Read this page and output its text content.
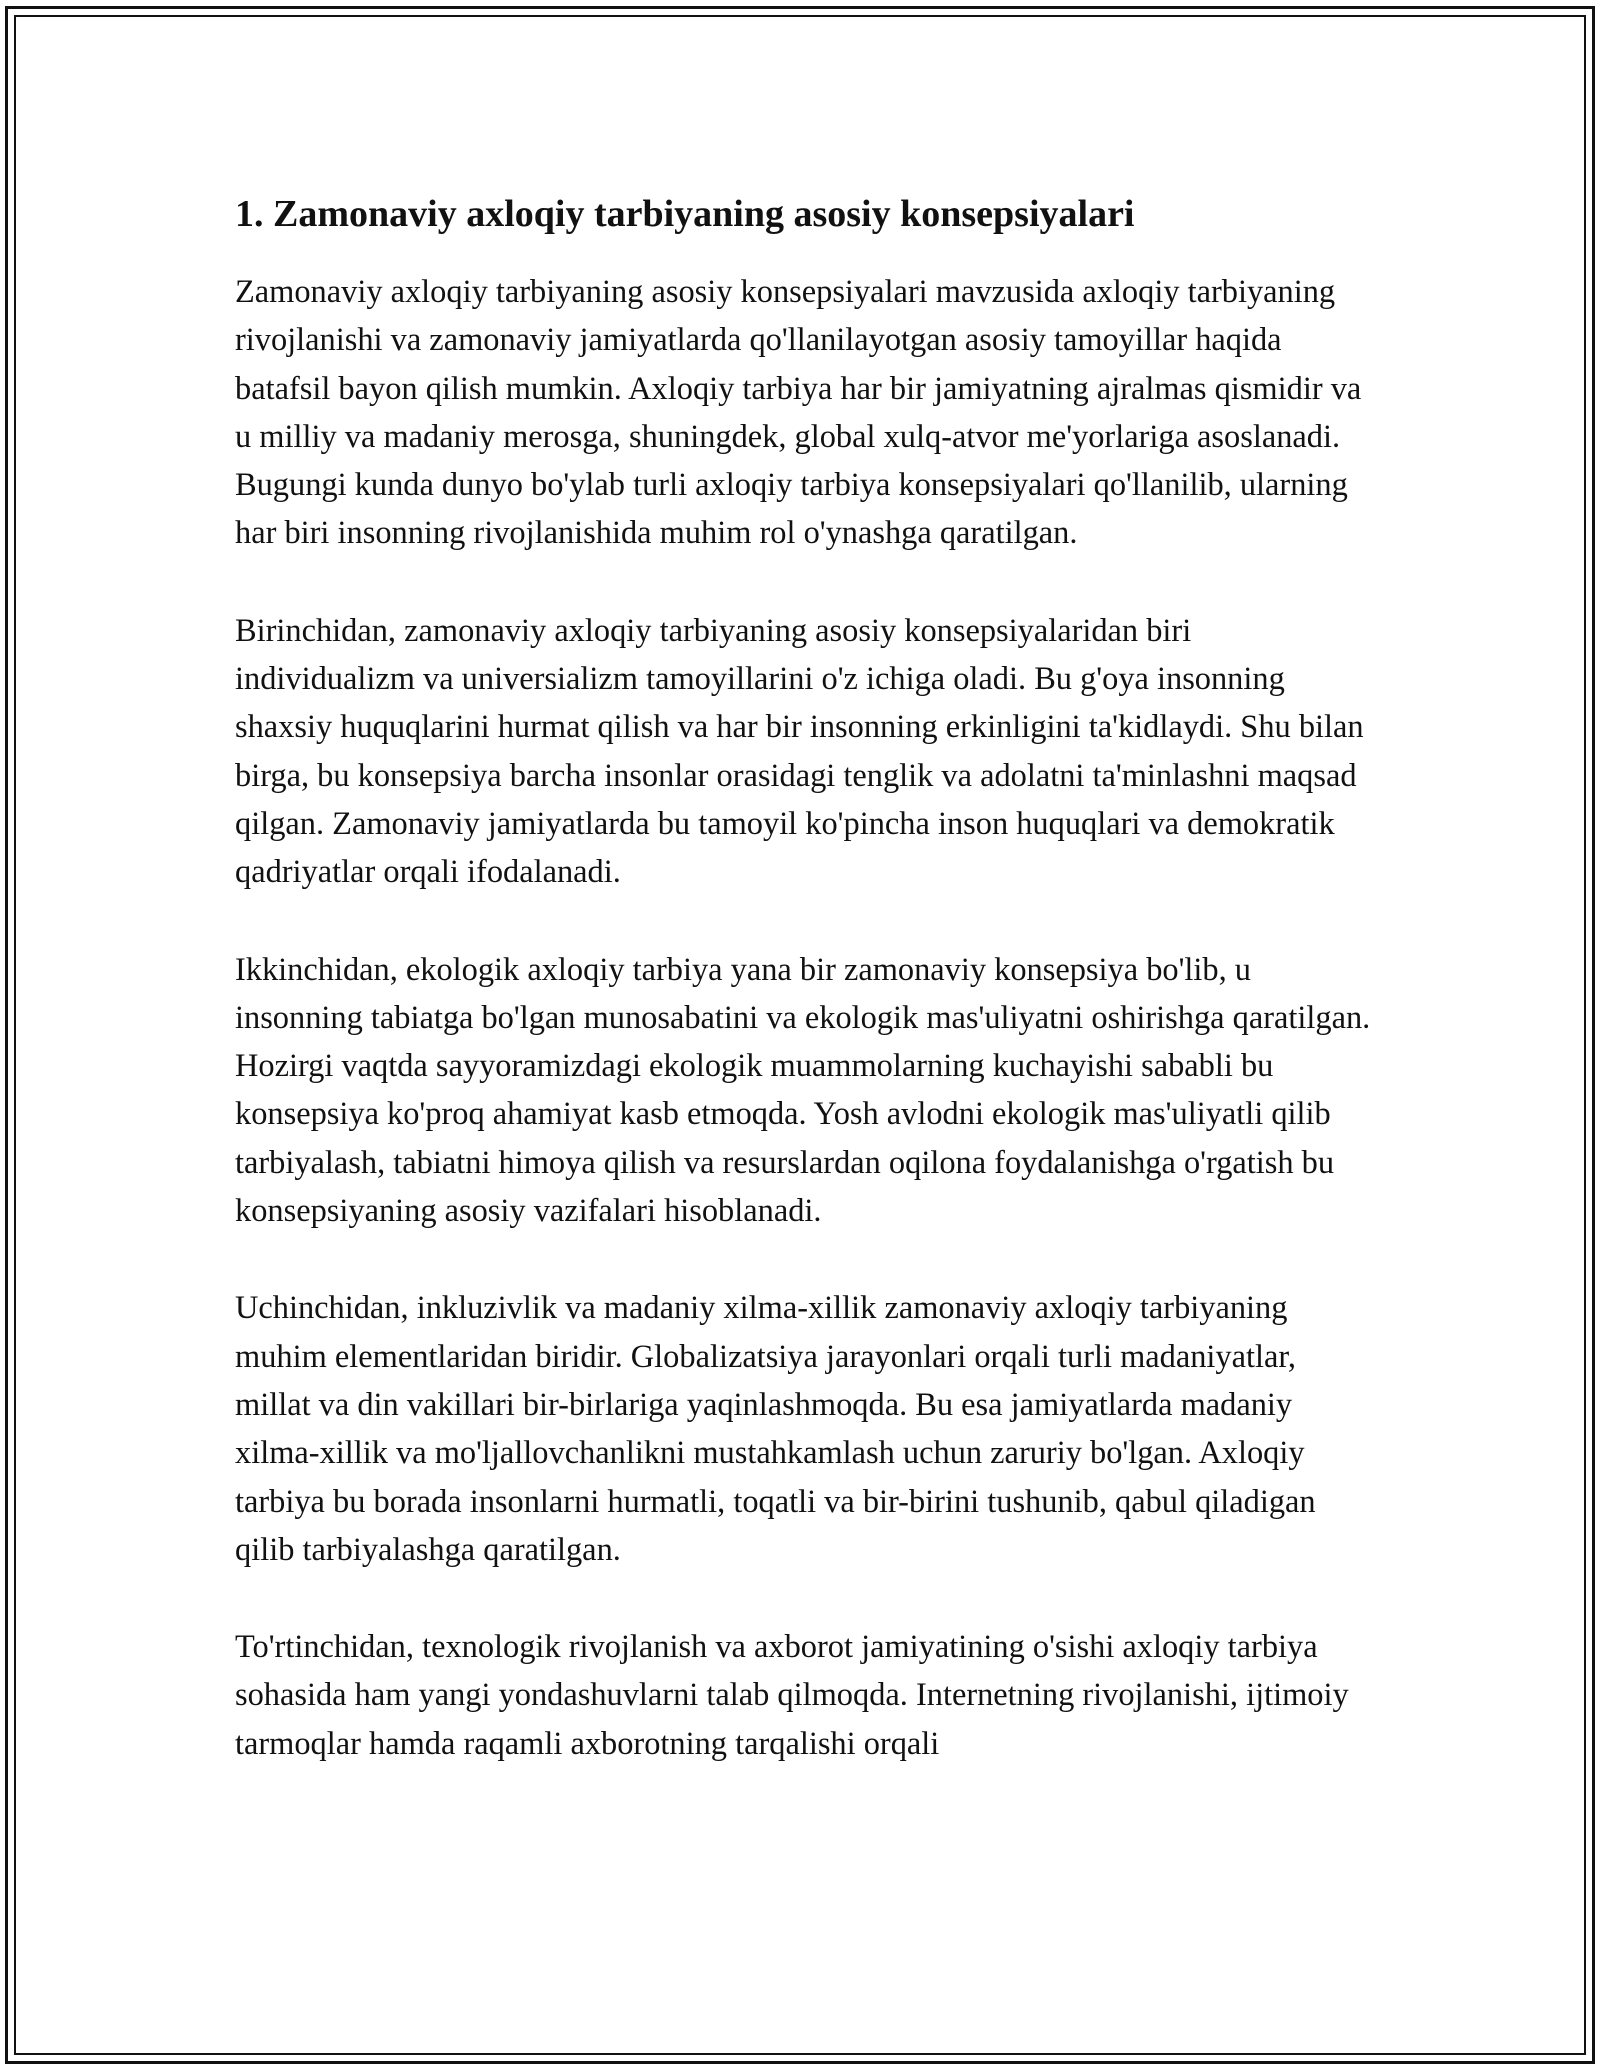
1. Zamonaviy axloqiy tarbiyaning asosiy konsepsiyalari

Zamonaviy axloqiy tarbiyaning asosiy konsepsiyalari mavzusida axloqiy tarbiyaning rivojlanishi va zamonaviy jamiyatlarda qo'llanilayotgan asosiy tamoyillar haqida batafsil bayon qilish mumkin. Axloqiy tarbiya har bir jamiyatning ajralmas qismidir va u milliy va madaniy merosga, shuningdek, global xulq-atvor me'yorlariga asoslanadi. Bugungi kunda dunyo bo'ylab turli axloqiy tarbiya konsepsiyalari qo'llanilib, ularning har biri insonning rivojlanishida muhim rol o'ynashga qaratilgan.

Birinchidan, zamonaviy axloqiy tarbiyaning asosiy konsepsiyalaridan biri individualizm va universializm tamoyillarini o'z ichiga oladi. Bu g'oya insonning shaxsiy huquqlarini hurmat qilish va har bir insonning erkinligini ta'kidlaydi. Shu bilan birga, bu konsepsiya barcha insonlar orasidagi tenglik va adolatni ta'minlashni maqsad qilgan. Zamonaviy jamiyatlarda bu tamoyil ko'pincha inson huquqlari va demokratik qadriyatlar orqali ifodalanadi.

Ikkinchidan, ekologik axloqiy tarbiya yana bir zamonaviy konsepsiya bo'lib, u insonning tabiatga bo'lgan munosabatini va ekologik mas'uliyatni oshirishga qaratilgan. Hozirgi vaqtda sayyoramizdagi ekologik muammolarning kuchayishi sababli bu konsepsiya ko'proq ahamiyat kasb etmoqda. Yosh avlodni ekologik mas'uliyatli qilib tarbiyalash, tabiatni himoya qilish va resurslardan oqilona foydalanishga o'rgatish bu konsepsiyaning asosiy vazifalari hisoblanadi.

Uchinchidan, inkluzivlik va madaniy xilma-xillik zamonaviy axloqiy tarbiyaning muhim elementlaridan biridir. Globalizatsiya jarayonlari orqali turli madaniyatlar, millat va din vakillari bir-birlariga yaqinlashmoqda. Bu esa jamiyatlarda madaniy xilma-xillik va mo'ljallovchanlikni mustahkamlash uchun zaruriy bo'lgan. Axloqiy tarbiya bu borada insonlarni hurmatli, toqatli va bir-birini tushunib, qabul qiladigan qilib tarbiyalashga qaratilgan.

To'rtinchidan, texnologik rivojlanish va axborot jamiyatining o'sishi axloqiy tarbiya sohasida ham yangi yondashuvlarni talab qilmoqda. Internetning rivojlanishi, ijtimoiy tarmoqlar hamda raqamli axborotning tarqalishi orqali
